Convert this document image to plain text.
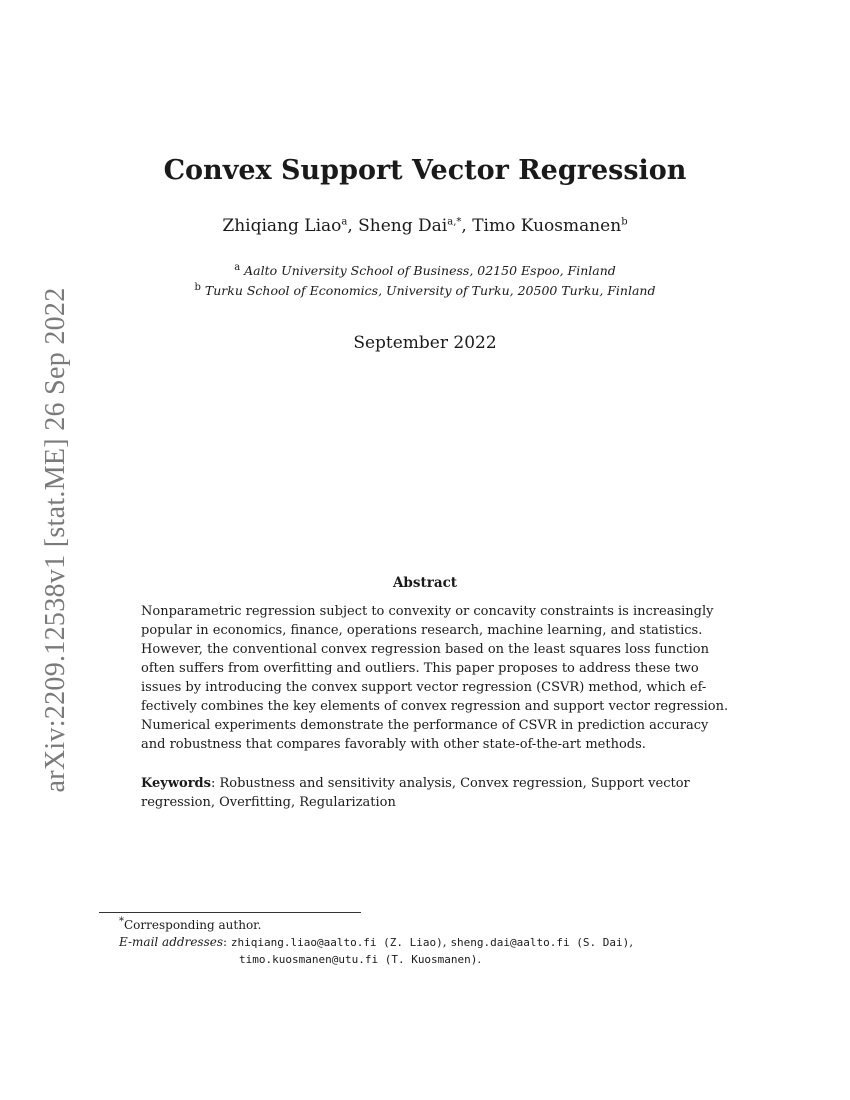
arXiv:2209.12538v1 [stat.ME] 26 Sep 2022
Convex Support Vector Regression
Zhiqiang Liao$^a$, Sheng Dai$^{a,*}$, Timo Kuosmanen$^b$
$^a$ Aalto University School of Business, 02150 Espoo, Finland
$^b$ Turku School of Economics, University of Turku, 20500 Turku, Finland
September 2022
Abstract
Nonparametric regression subject to convexity or concavity constraints is increasingly
popular in economics, finance, operations research, machine learning, and statistics.
However, the conventional convex regression based on the least squares loss function
often suffers from overfitting and outliers. This paper proposes to address these two
issues by introducing the convex support vector regression (CSVR) method, which ef-
fectively combines the key elements of convex regression and support vector regression.
Numerical experiments demonstrate the performance of CSVR in prediction accuracy
and robustness that compares favorably with other state-of-the-art methods.
Keywords: Robustness and sensitivity analysis, Convex regression, Support vector
regression, Overfitting, Regularization
*Corresponding author.
E-mail addresses: zhiqiang.liao@aalto.fi (Z. Liao), sheng.dai@aalto.fi (S. Dai),
timo.kuosmanen@utu.fi (T. Kuosmanen).
